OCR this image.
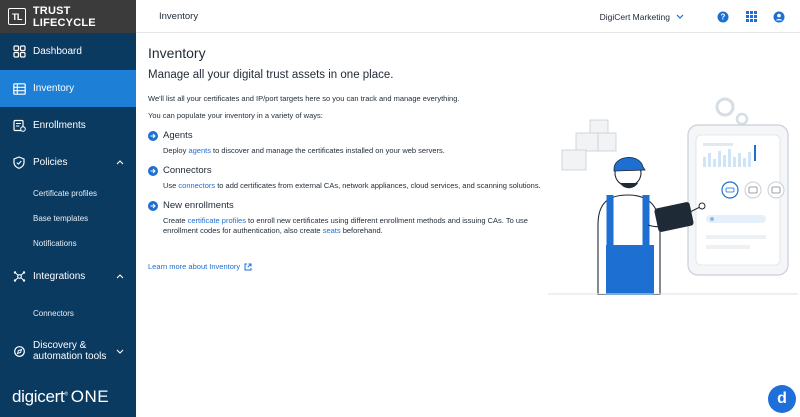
TL TRUST LIFECYCLE
Dashboard
Inventory
Enrollments
Policies
Certificate profiles
Base templates
Notifications
Integrations
Connectors
Discovery &
automation tools
digicert® ONE
Inventory	DigiCert Marketing	?
Inventory
Manage all your digital trust assets in one place.
We'll list all your certificates and IP/port targets here so you can track and manage everything.
You can populate your inventory in a variety of ways:
Agents
Deploy agents to discover and manage the certificates installed on your web servers.
Connectors
Use connectors to add certificates from external CAs, network appliances, cloud services, and scanning solutions.
New enrollments
Create certificate profiles to enroll new certificates using different enrollment methods and issuing CAs. To use enrollment codes for authentication, also create seats beforehand.
Learn more about Inventory
d
